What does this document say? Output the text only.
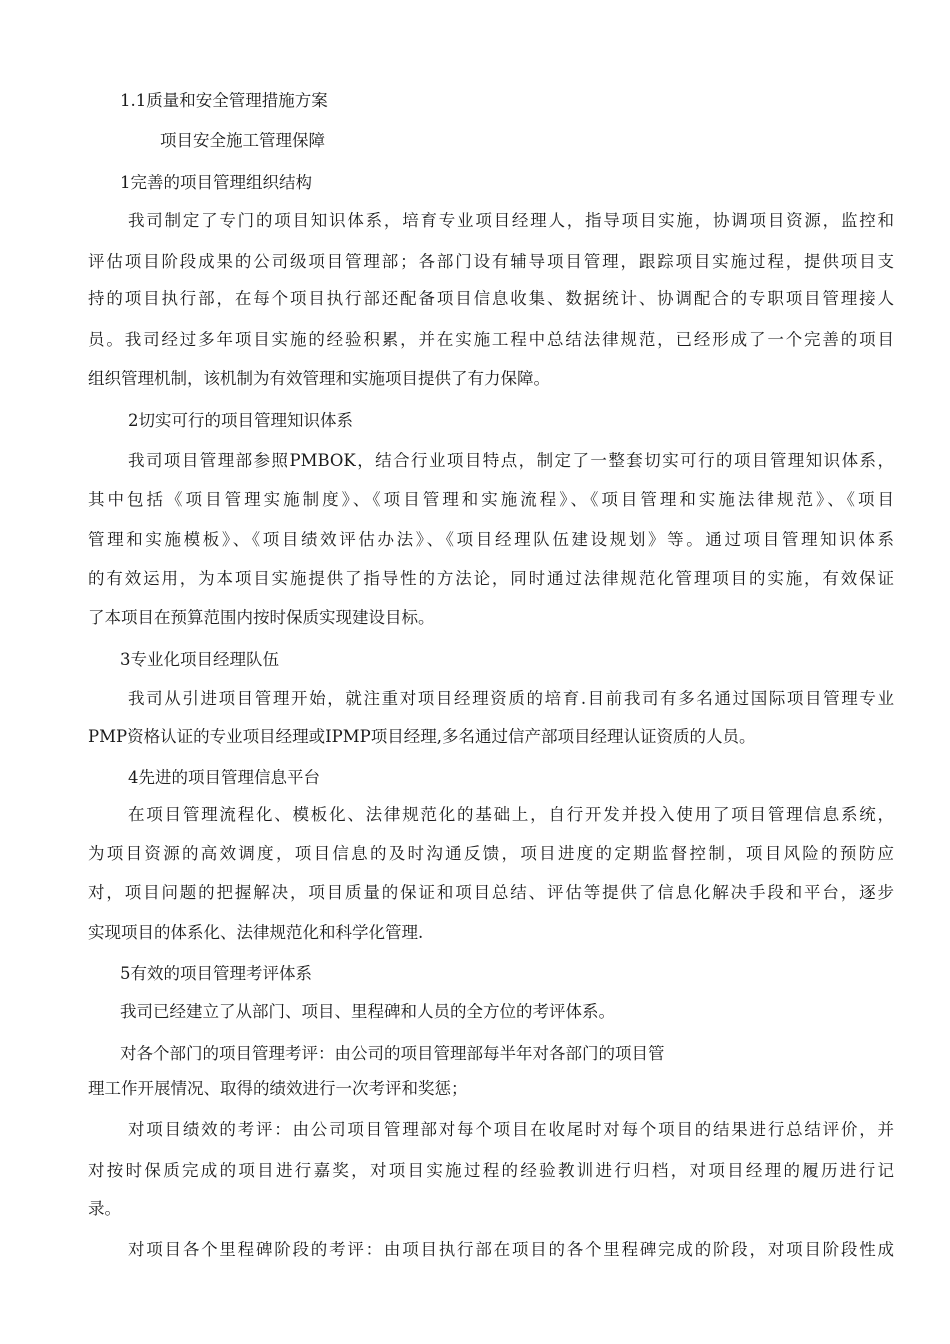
1.1质量和安全管理措施方案

项目安全施工管理保障

1完善的项目管理组织结构

我司制定了专门的项目知识体系，培育专业项目经理人，指导项目实施，协调项目资源，监控和

评估项目阶段成果的公司级项目管理部；各部门设有辅导项目管理，跟踪项目实施过程，提供项目支

持的项目执行部，在每个项目执行部还配备项目信息收集、数据统计、协调配合的专职项目管理接人

员。我司经过多年项目实施的经验积累，并在实施工程中总结法律规范，已经形成了一个完善的项目

组织管理机制，该机制为有效管理和实施项目提供了有力保障。

2切实可行的项目管理知识体系

我司项目管理部参照PMBOK，结合行业项目特点，制定了一整套切实可行的项目管理知识体系，

其中包括《项目管理实施制度》、《项目管理和实施流程》、《项目管理和实施法律规范》、《项目

管理和实施模板》、《项目绩效评估办法》、《项目经理队伍建设规划》等。通过项目管理知识体系

的有效运用，为本项目实施提供了指导性的方法论，同时通过法律规范化管理项目的实施，有效保证

了本项目在预算范围内按时保质实现建设目标。

3专业化项目经理队伍

我司从引进项目管理开始，就注重对项目经理资质的培育.目前我司有多名通过国际项目管理专业

PMP资格认证的专业项目经理或IPMP项目经理,多名通过信产部项目经理认证资质的人员。

4先进的项目管理信息平台

在项目管理流程化、模板化、法律规范化的基础上，自行开发并投入使用了项目管理信息系统，

为项目资源的高效调度，项目信息的及时沟通反馈，项目进度的定期监督控制，项目风险的预防应

对，项目问题的把握解决，项目质量的保证和项目总结、评估等提供了信息化解决手段和平台，逐步

实现项目的体系化、法律规范化和科学化管理.

5有效的项目管理考评体系

我司已经建立了从部门、项目、里程碑和人员的全方位的考评体系。

对各个部门的项目管理考评：由公司的项目管理部每半年对各部门的项目管

理工作开展情况、取得的绩效进行一次考评和奖惩；

对项目绩效的考评：由公司项目管理部对每个项目在收尾时对每个项目的结果进行总结评价，并

对按时保质完成的项目进行嘉奖，对项目实施过程的经验教训进行归档，对项目经理的履历进行记

录。

对项目各个里程碑阶段的考评：由项目执行部在项目的各个里程碑完成的阶段，对项目阶段性成
